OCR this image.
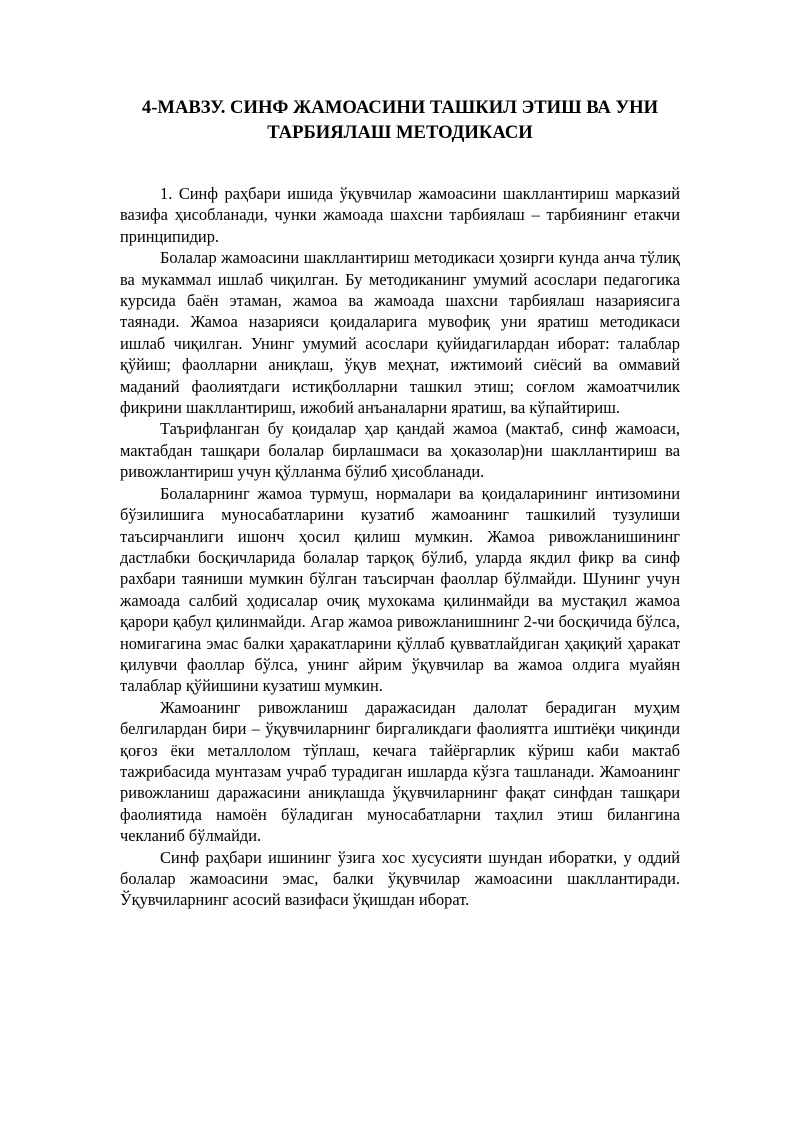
4-МАВЗУ. СИНФ ЖАМОАСИНИ ТАШКИЛ ЭТИШ ВА УНИ
ТАРБИЯЛАШ МЕТОДИКАСИ

1. Синф раҳбари ишида ўқувчилар жамоасини шакллантириш марказий вазифа ҳисобланади, чунки жамоада шахсни тарбиялаш – тарбиянинг етакчи принципидир.

Болалар жамоасини шакллантириш методикаси ҳозирги кунда анча тўлиқ ва мукаммал ишлаб чиқилган. Бу методиканинг умумий асослари педагогика курсида баён этаман, жамоа ва жамоада шахсни тарбиялаш назариясига таянади. Жамоа назарияси қоидаларига мувофиқ уни яратиш методикаси ишлаб чиқилган. Унинг умумий асослари қуйидагилардан иборат: талаблар қўйиш; фаолларни аниқлаш, ўқув меҳнат, ижтимоий сиёсий ва оммавий маданий фаолиятдаги истиқболларни ташкил этиш; соғлом жамоатчилик фикрини шакллантириш, ижобий анъаналарни яратиш, ва кўпайтириш.

Таърифланган бу қоидалар ҳар қандай жамоа (мактаб, синф жамоаси, мактабдан ташқари болалар бирлашмаси ва ҳоказолар)ни шакллантириш ва ривожлантириш учун қўлланма бўлиб ҳисобланади.

Болаларнинг жамоа турмуш, нормалари ва қоидаларининг интизомини бўзилишига муносабатларини кузатиб жамоанинг ташкилий тузулиши таъсирчанлиги ишонч ҳосил қилиш мумкин. Жамоа ривожланишининг дастлабки босқичларида болалар тарқоқ бўлиб, уларда якдил фикр ва синф рахбари таяниши мумкин бўлган таъсирчан фаоллар бўлмайди. Шунинг учун жамоада салбий ҳодисалар очиқ мухокама қилинмайди ва мустақил жамоа қарори қабул қилинмайди. Агар жамоа ривожланишнинг 2-чи босқичида бўлса, номигагина эмас балки ҳаракатларини қўллаб қувватлайдиган ҳақиқий ҳаракат қилувчи фаоллар бўлса, унинг айрим ўқувчилар ва жамоа олдига муайян талаблар қўйишини кузатиш мумкин.

Жамоанинг ривожланиш даражасидан далолат берадиган муҳим белгилардан бири – ўқувчиларнинг биргаликдаги фаолиятга иштиёқи чиқинди қоғоз ёки металлолом тўплаш, кечага тайёргарлик кўриш каби мактаб тажрибасида мунтазам учраб турадиган ишларда кўзга ташланади. Жамоанинг ривожланиш даражасини аниқлашда ўқувчиларнинг фақат синфдан ташқари фаолиятида намоён бўладиган муносабатларни таҳлил этиш билангина чекланиб бўлмайди.

Синф раҳбари ишининг ўзига хос хусусияти шундан иборатки, у оддий болалар жамоасини эмас, балки ўқувчилар жамоасини шакллантиради. Ўқувчиларнинг асосий вазифаси ўқишдан иборат.
